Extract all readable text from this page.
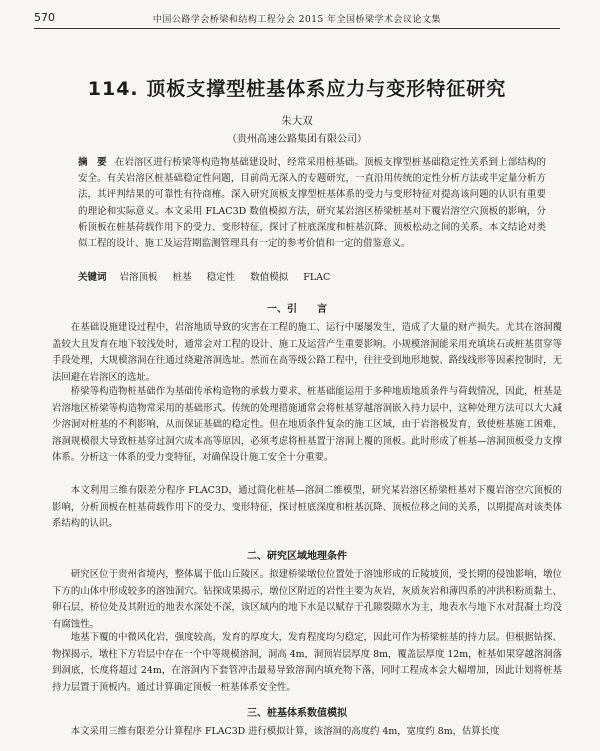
570	中国公路学会桥梁和结构工程分会 2015 年全国桥梁学术会议论文集
114. 顶板支撑型桩基体系应力与变形特征研究
朱大双
（贵州高速公路集团有限公司）
摘　要 在岩溶区进行桥梁等构造物基础建设时，经常采用桩基础。顶板支撑型桩基础稳定性关系到上部结构的安全。有关岩溶区桩基础稳定性问题，目前尚无深入的专题研究，一直沿用传统的定性分析方法或半定量分析方法，其评判结果的可靠性有待商榷。深入研究顶板支撑型桩基体系的受力与变形特征对提高该问题的认识有重要的理论和实际意义。本文采用 FLAC3D 数值模拟方法，研究某岩溶区桥梁桩基对下覆岩溶空穴顶板的影响，分析顶板在桩基荷载作用下的受力、变形特征，探讨了桩底深度和桩基沉降、顶板松动之间的关系。本文结论对类似工程的设计、施工及运营期监测管理具有一定的参考价值和一定的借鉴意义。
关键词 岩溶顶板 桩基 稳定性 数值模拟 FLAC
一、引　　言

在基础设施建设过程中，岩溶地质导致的灾害在工程的施工、运行中屡屡发生，造成了大量的财产损失。尤其在溶洞覆盖较大且发育在地下较浅处时，通常会对工程的设计、施工及运营产生重要影响。小规模溶洞能采用充填块石或桩基贯穿等手段处理，大规模溶洞在往通过绕避溶洞选址。然而在高等级公路工程中，往往受到地形地貌、路线线形等因素控制时，无法回避在岩溶区的选址。

桥梁等构造物桩基础作为基础传承构造物的承载力要求，桩基础能运用于多种地质地质条件与荷载情况，因此，桩基是岩溶地区桥梁等构造物常采用的基础形式。传统的处理措施通常会将桩基穿越溶洞嵌入持力层中，这种处理方法可以大大减少溶洞对桩基的不利影响，从而保证基础的稳定性。但在地质条件复杂的施工区域，由于岩溶极发育，致使桩基施工困难，溶洞规模很大导致桩基穿过洞穴成本高等原因，必须考虑将桩基置于溶洞上覆的顶板。此时形成了桩基—溶洞顶板受力支撑体系。分析这一体系的受力变特征，对确保设计施工安全十分重要。

本文利用三维有限差分程序 FLAC3D，通过简化桩基—溶洞二维模型，研究某岩溶区桥梁桩基对下覆岩溶空穴顶板的影响，分析顶板在桩基荷载作用下的受力、变形特征，探讨桩底深度和桩基沉降、顶板位移之间的关系，以期提高对该类体系结构的认识。

二、研究区域地理条件

研究区位于贵州省境内，整体属于低山丘陵区。拟建桥梁墩位位置处于溶蚀形成的丘陵坡顶，受长期的侵蚀影响，墩位下方的山体中形成较多的溶蚀洞穴。钻探成果揭示，墩位区附近的岩性主要为灰岩，灰质灰岩和薄四系的冲洪积粉质黏土、卵石层，桥位处及其附近的地表水深处不深，该区域内的地下水是以赋存于孔隙裂隙水为主，地表水与地下水对混凝土均没有腐蚀性。

地基下覆的中微风化岩，强度较高，发育的厚度大，发育程度均匀稳定，因此可作为桥梁桩基的持力层。但根据钻探、物探揭示，墩柱下方岩层中存在一个中等规模溶洞，洞高 4m，洞顶岩层厚度 8m，覆盖层厚度 12m，桩基如果穿越溶洞落到洞底，长度将超过 24m，在溶洞内下套管冲击最易导致溶洞内填充物下落，同时工程成本会大幅增加，因此计划将桩基持力层置于顶板内。通过计算确定顶板一桩基体系安全性。

三、桩基体系数值模拟

本文采用三维有限差分计算程序 FLAC3D 进行模拟计算，该溶洞的高度约 4m，宽度约 8m，估算长度
